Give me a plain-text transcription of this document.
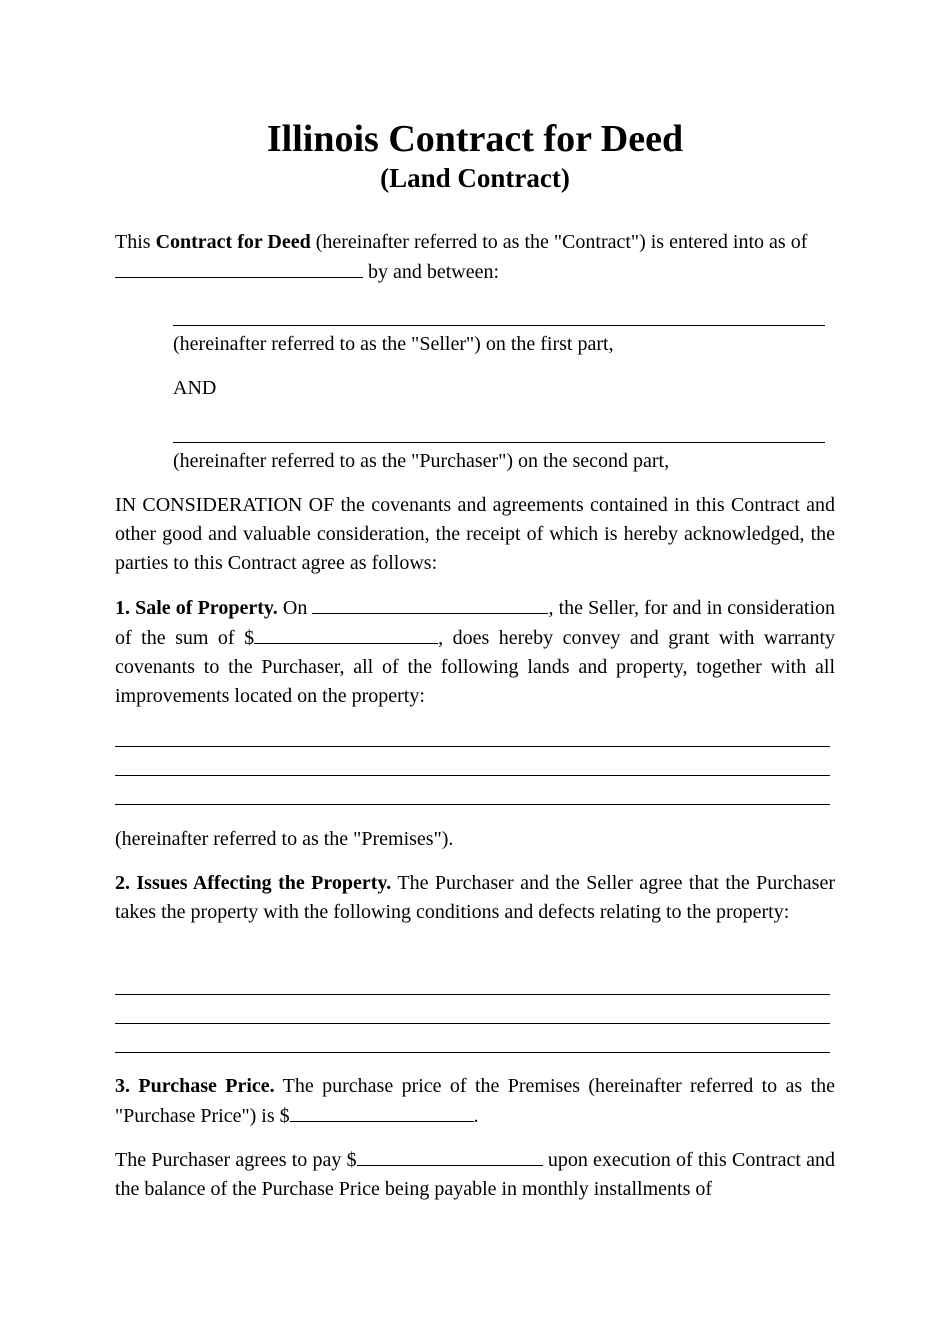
Illinois Contract for Deed
(Land Contract)

This Contract for Deed (hereinafter referred to as the "Contract") is entered into as of
by and between:

(hereinafter referred to as the "Seller") on the first part,

AND

(hereinafter referred to as the "Purchaser") on the second part,

IN CONSIDERATION OF the covenants and agreements contained in this Contract and other good and valuable consideration, the receipt of which is hereby acknowledged, the parties to this Contract agree as follows:

1. Sale of Property. On	, the Seller, for and in consideration of the sum of $	, does hereby convey and grant with warranty covenants to the Purchaser, all of the following lands and property, together with all improvements located on the property:

(hereinafter referred to as the "Premises").

2. Issues Affecting the Property. The Purchaser and the Seller agree that the Purchaser takes the property with the following conditions and defects relating to the property:

3. Purchase Price. The purchase price of the Premises (hereinafter referred to as the "Purchase Price") is $	.

The Purchaser agrees to pay $	upon execution of this Contract and the balance of the Purchase Price being payable in monthly installments of
